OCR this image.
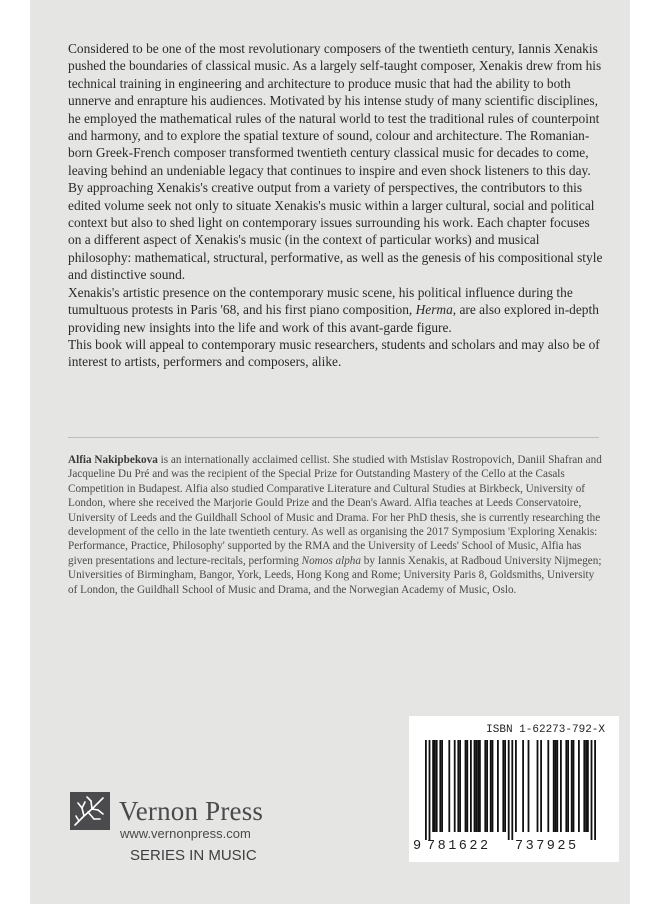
Considered to be one of the most revolutionary composers of the twentieth century, Iannis Xenakis pushed the boundaries of classical music. As a largely self-taught composer, Xenakis drew from his technical training in engineering and architecture to produce music that had the ability to both unnerve and enrapture his audiences. Motivated by his intense study of many scientific disciplines, he employed the mathematical rules of the natural world to test the traditional rules of counterpoint and harmony, and to explore the spatial texture of sound, colour and architecture. The Romanian-born Greek-French composer transformed twentieth century classical music for decades to come, leaving behind an undeniable legacy that continues to inspire and even shock listeners to this day.

By approaching Xenakis's creative output from a variety of perspectives, the contributors to this edited volume seek not only to situate Xenakis's music within a larger cultural, social and political context but also to shed light on contemporary issues surrounding his work. Each chapter focuses on a different aspect of Xenakis's music (in the context of particular works) and musical philosophy: mathematical, structural, performative, as well as the genesis of his compositional style and distinctive sound.

Xenakis's artistic presence on the contemporary music scene, his political influence during the tumultuous protests in Paris '68, and his first piano composition, Herma, are also explored in-depth providing new insights into the life and work of this avant-garde figure.

This book will appeal to contemporary music researchers, students and scholars and may also be of interest to artists, performers and composers, alike.

Alfia Nakipbekova is an internationally acclaimed cellist. She studied with Mstislav Rostropovich, Daniil Shafran and Jacqueline Du Pré and was the recipient of the Special Prize for Outstanding Mastery of the Cello at the Casals Competition in Budapest. Alfia also studied Comparative Literature and Cultural Studies at Birkbeck, University of London, where she received the Marjorie Gould Prize and the Dean's Award. Alfia teaches at Leeds Conservatoire, University of Leeds and the Guildhall School of Music and Drama. For her PhD thesis, she is currently researching the development of the cello in the late twentieth century. As well as organising the 2017 Symposium 'Exploring Xenakis: Performance, Practice, Philosophy' supported by the RMA and the University of Leeds' School of Music, Alfia has given presentations and lecture-recitals, performing Nomos alpha by Iannis Xenakis, at Radboud University Nijmegen; Universities of Birmingham, Bangor, York, Leeds, Hong Kong and Rome; University Paris 8, Goldsmiths, University of London, the Guildhall School of Music and Drama, and the Norwegian Academy of Music, Oslo.

Vernon Press
www.vernonpress.com
SERIES IN MUSIC
ISBN 1-62273-792-X
9 781622 737925
